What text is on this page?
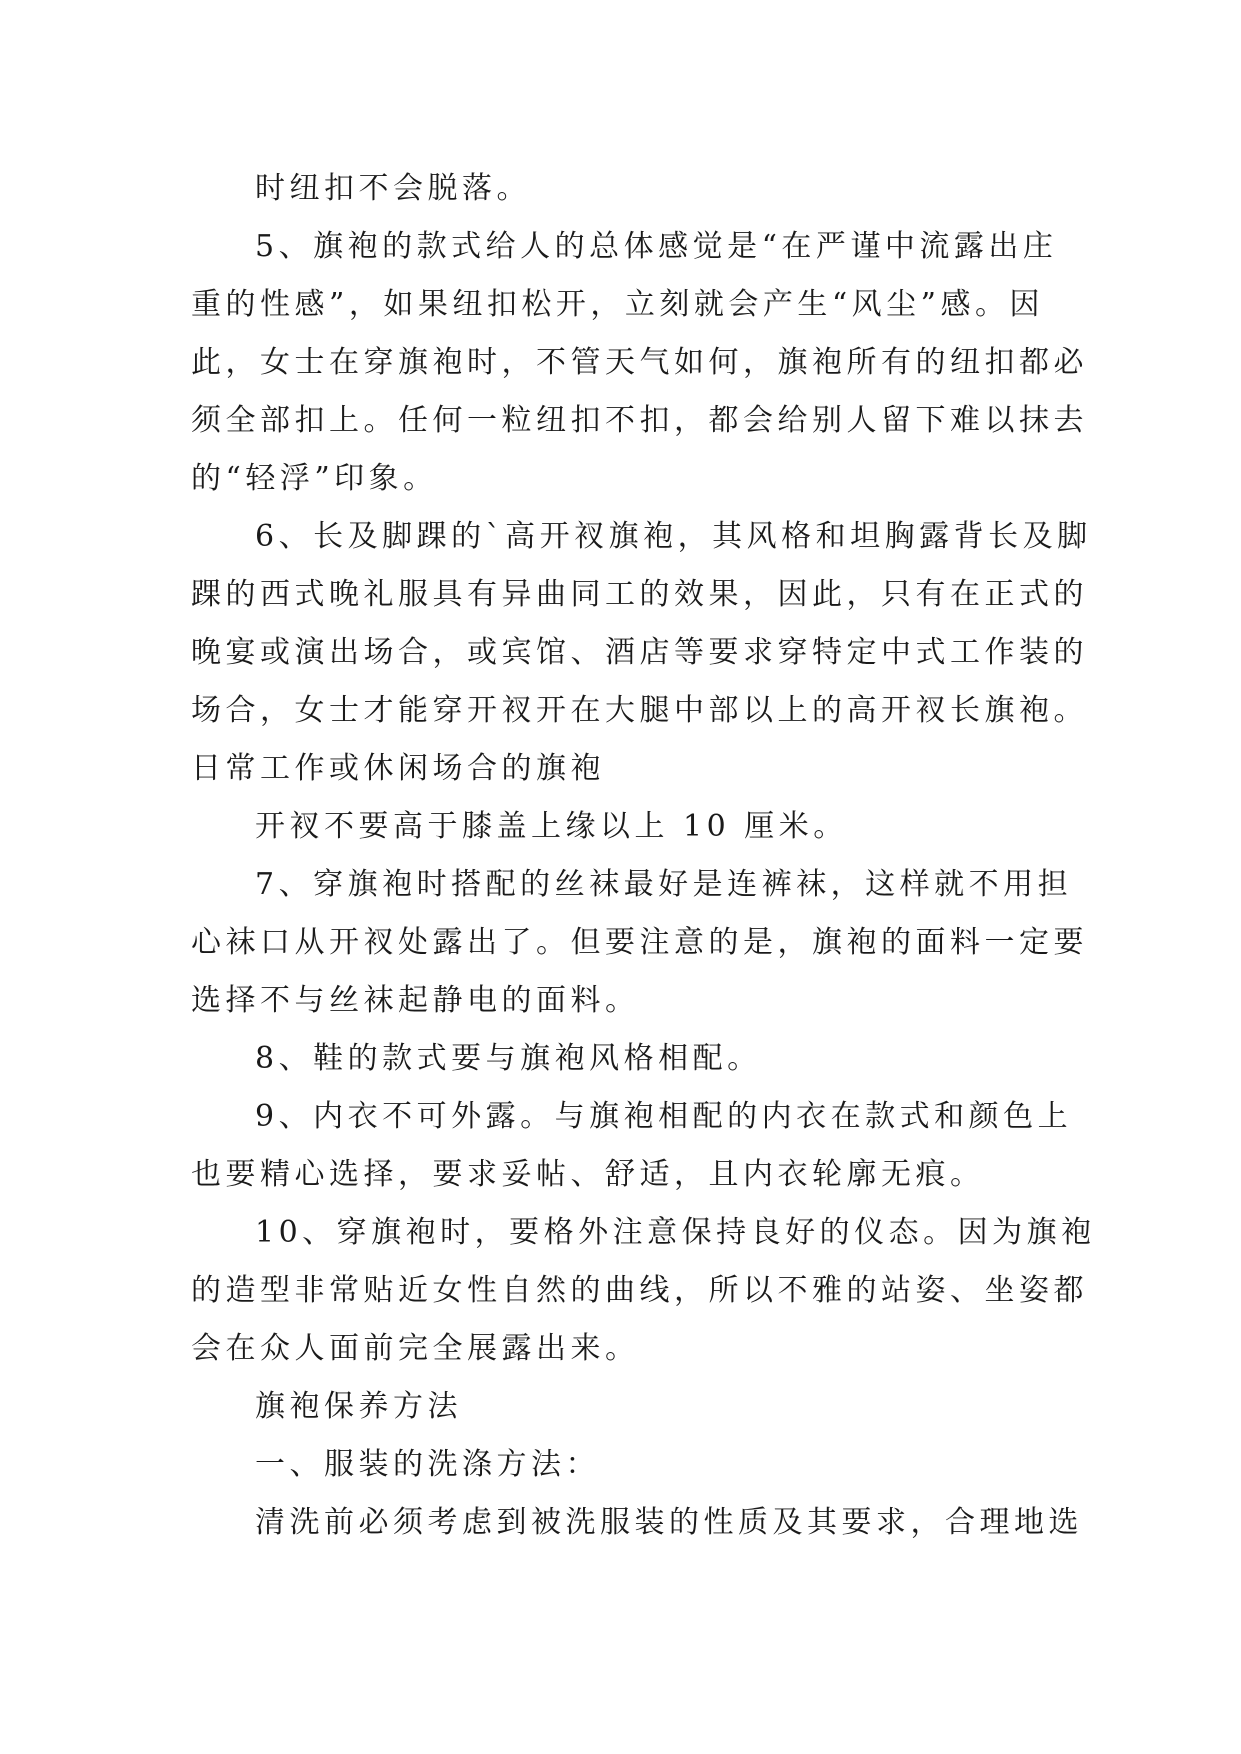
时纽扣不会脱落。
5、旗袍的款式给人的总体感觉是“在严谨中流露出庄
重的性感”，如果纽扣松开，立刻就会产生“风尘”感。因
此，女士在穿旗袍时，不管天气如何，旗袍所有的纽扣都必
须全部扣上。任何一粒纽扣不扣，都会给别人留下难以抹去
的“轻浮”印象。
6、长及脚踝的`高开衩旗袍，其风格和坦胸露背长及脚
踝的西式晚礼服具有异曲同工的效果，因此，只有在正式的
晚宴或演出场合，或宾馆、酒店等要求穿特定中式工作装的
场合，女士才能穿开衩开在大腿中部以上的高开衩长旗袍。
日常工作或休闲场合的旗袍
开衩不要高于膝盖上缘以上 10 厘米。
7、穿旗袍时搭配的丝袜最好是连裤袜，这样就不用担
心袜口从开衩处露出了。但要注意的是，旗袍的面料一定要
选择不与丝袜起静电的面料。
8、鞋的款式要与旗袍风格相配。
9、内衣不可外露。与旗袍相配的内衣在款式和颜色上
也要精心选择，要求妥帖、舒适，且内衣轮廓无痕。
10、穿旗袍时，要格外注意保持良好的仪态。因为旗袍
的造型非常贴近女性自然的曲线，所以不雅的站姿、坐姿都
会在众人面前完全展露出来。
旗袍保养方法
一、服装的洗涤方法：
清洗前必须考虑到被洗服装的性质及其要求，合理地选
